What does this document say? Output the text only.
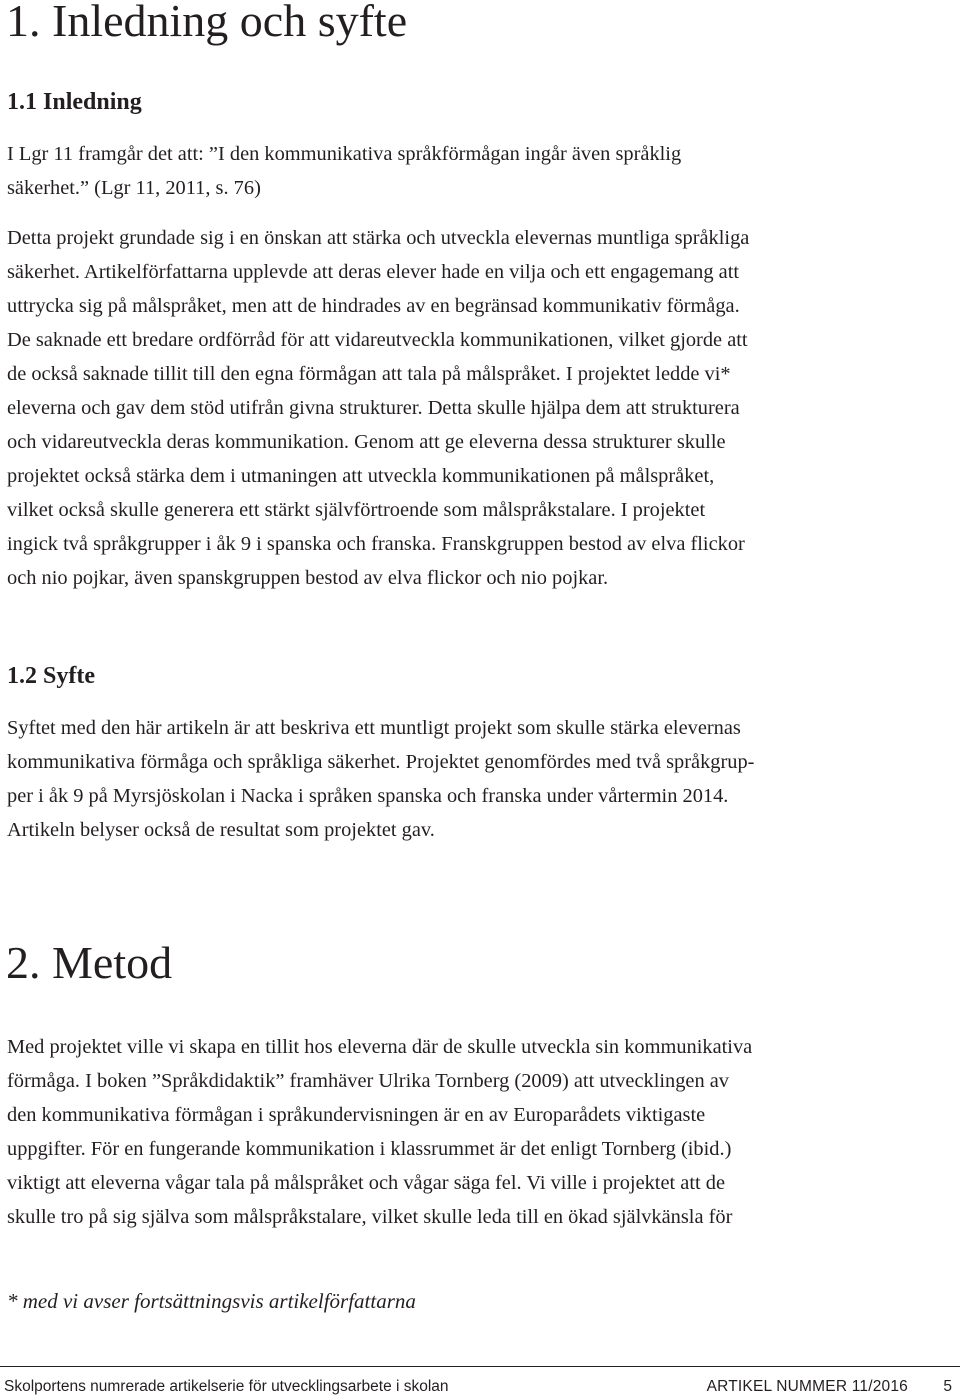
1. Inledning och syfte
1.1 Inledning
I Lgr 11 framgår det att: ”I den kommunikativa språkförmågan ingår även språklig
säkerhet.” (Lgr 11, 2011, s. 76)
Detta projekt grundade sig i en önskan att stärka och utveckla elevernas muntliga språkliga
säkerhet. Artikelförfattarna upplevde att deras elever hade en vilja och ett engagemang att
uttrycka sig på målspråket, men att de hindrades av en begränsad kommunikativ förmåga.
De saknade ett bredare ordförråd för att vidareutveckla kommunikationen, vilket gjorde att
de också saknade tillit till den egna förmågan att tala på målspråket. I projektet ledde vi*
eleverna och gav dem stöd utifrån givna strukturer. Detta skulle hjälpa dem att strukturera
och vidareutveckla deras kommunikation. Genom att ge eleverna dessa strukturer skulle
projektet också stärka dem i utmaningen att utveckla kommunikationen på målspråket,
vilket också skulle generera ett stärkt självförtroende som målspråkstalare. I projektet
ingick två språkgrupper i åk 9 i spanska och franska. Franskgruppen bestod av elva flickor
och nio pojkar, även spanskgruppen bestod av elva flickor och nio pojkar.
1.2 Syfte
Syftet med den här artikeln är att beskriva ett muntligt projekt som skulle stärka elevernas
kommunikativa förmåga och språkliga säkerhet. Projektet genomfördes med två språkgrup-
per i åk 9 på Myrsjöskolan i Nacka i språken spanska och franska under vårtermin 2014.
Artikeln belyser också de resultat som projektet gav.
2. Metod
Med projektet ville vi skapa en tillit hos eleverna där de skulle utveckla sin kommunikativa
förmåga. I boken ”Språkdidaktik” framhäver Ulrika Tornberg (2009) att utvecklingen av
den kommunikativa förmågan i språkundervisningen är en av Europarådets viktigaste
uppgifter. För en fungerande kommunikation i klassrummet är det enligt Tornberg (ibid.)
viktigt att eleverna vågar tala på målspråket och vågar säga fel. Vi ville i projektet att de
skulle tro på sig själva som målspråkstalare, vilket skulle leda till en ökad självkänsla för

* med vi avser fortsättningsvis artikelförfattarna

Skolportens numrerade artikelserie för utvecklingsarbete i skolan	ARTIKEL NUMMER 11/2016 5
